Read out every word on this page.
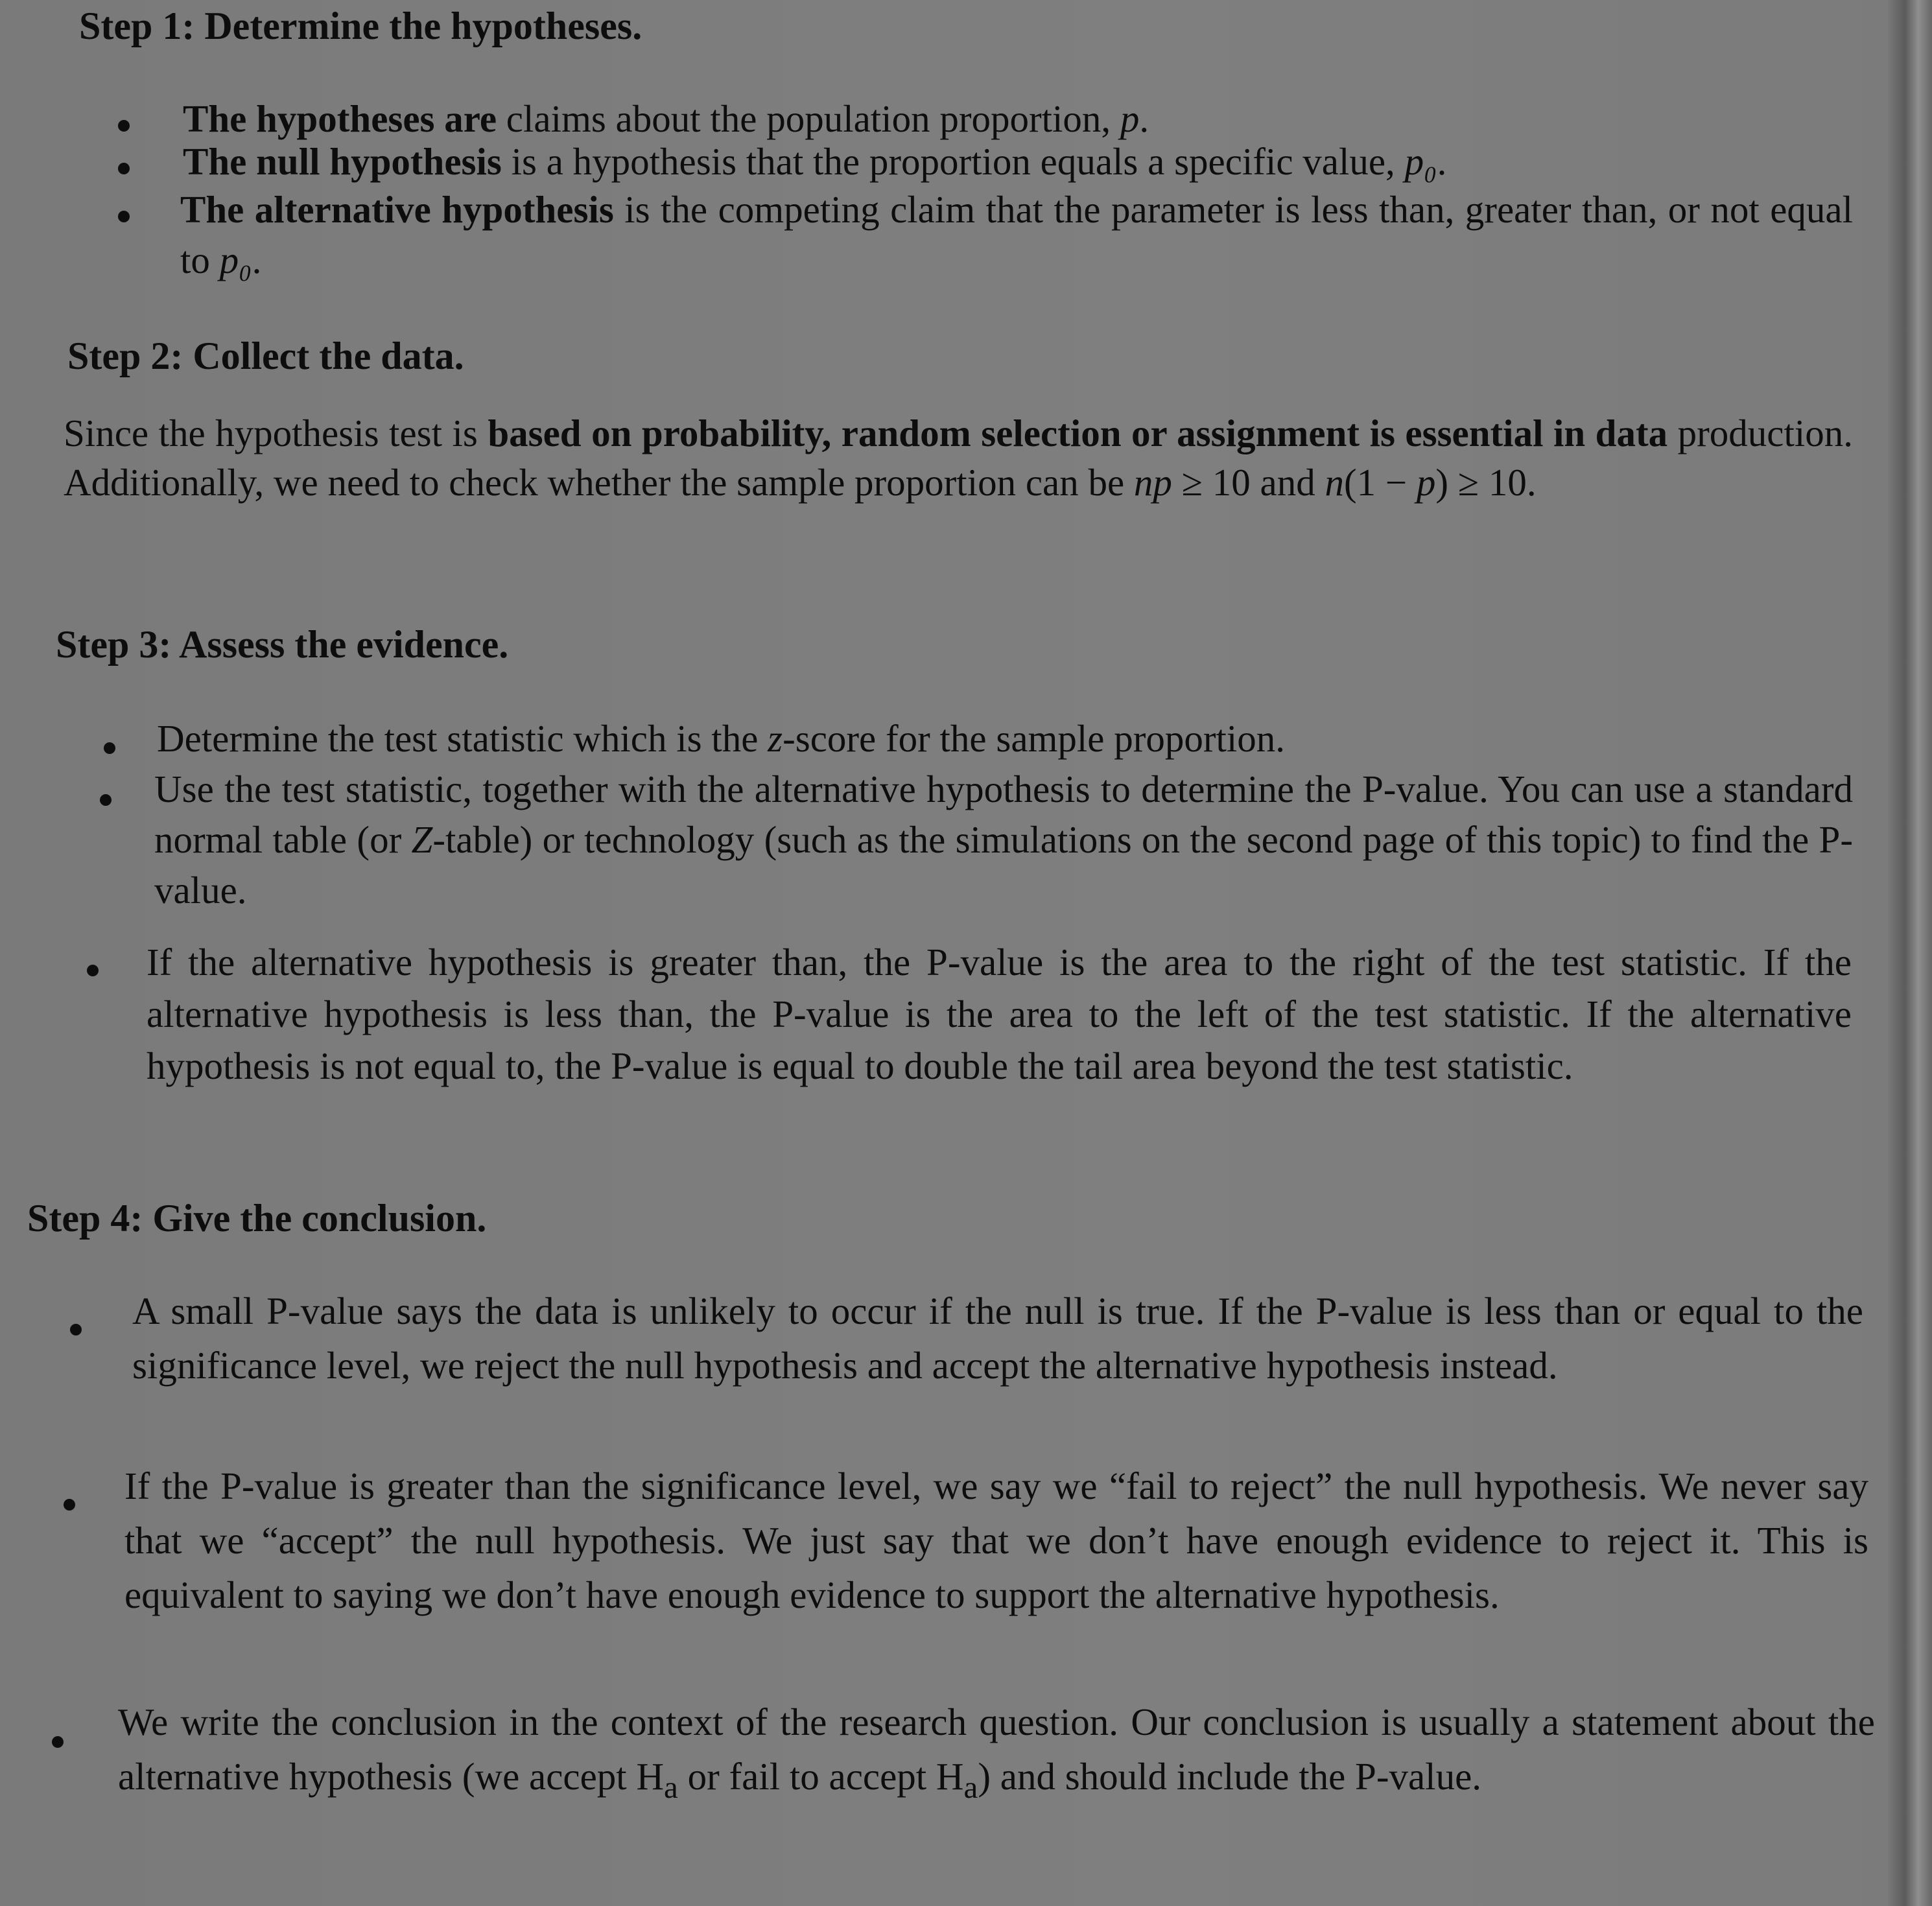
Step 1: Determine the hypotheses.

The hypotheses are claims about the population proportion, p.

The null hypothesis is a hypothesis that the proportion equals a specific value, p₀.

The alternative hypothesis is the competing claim that the parameter is less than, greater than, or not equal to p₀.

Step 2: Collect the data.

Since the hypothesis test is based on probability, random selection or assignment is essential in data production. Additionally, we need to check whether the sample proportion can be np ≥ 10 and n(1 − p) ≥ 10.

Step 3: Assess the evidence.

Determine the test statistic which is the z-score for the sample proportion.

Use the test statistic, together with the alternative hypothesis to determine the P-value. You can use a standard normal table (or Z-table) or technology (such as the simulations on the second page of this topic) to find the P-value.

If the alternative hypothesis is greater than, the P-value is the area to the right of the test statistic. If the alternative hypothesis is less than, the P-value is the area to the left of the test statistic. If the alternative hypothesis is not equal to, the P-value is equal to double the tail area beyond the test statistic.

Step 4: Give the conclusion.

A small P-value says the data is unlikely to occur if the null is true. If the P-value is less than or equal to the significance level, we reject the null hypothesis and accept the alternative hypothesis instead.

If the P-value is greater than the significance level, we say we “fail to reject” the null hypothesis. We never say that we “accept” the null hypothesis. We just say that we don’t have enough evidence to reject it. This is equivalent to saying we don’t have enough evidence to support the alternative hypothesis.

We write the conclusion in the context of the research question. Our conclusion is usually a statement about the alternative hypothesis (we accept $H_a$ or fail to accept $H_a$) and should include the P-value.
